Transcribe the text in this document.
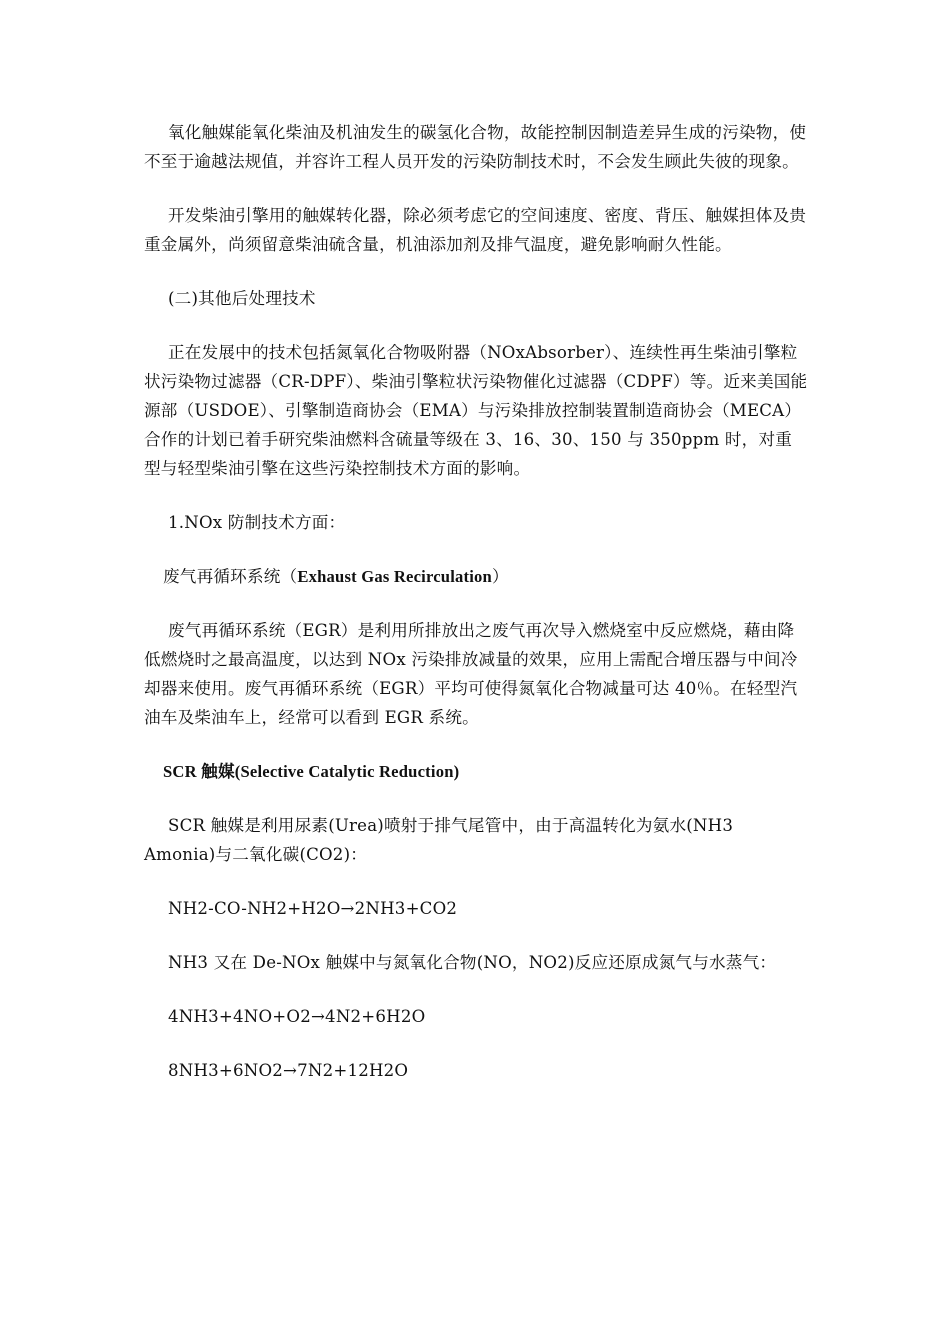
氧化触媒能氧化柴油及机油发生的碳氢化合物，故能控制因制造差异生成的污染物，使不至于逾越法规值，并容许工程人员开发的污染防制技术时，不会发生顾此失彼的现象。

开发柴油引擎用的触媒转化器，除必须考虑它的空间速度、密度、背压、触媒担体及贵重金属外，尚须留意柴油硫含量，机油添加剂及排气温度，避免影响耐久性能。

(二)其他后处理技术

正在发展中的技术包括氮氧化合物吸附器（NOxAbsorber）、连续性再生柴油引擎粒状污染物过滤器（CR-DPF）、柴油引擎粒状污染物催化过滤器（CDPF）等。近来美国能源部（USDOE）、引擎制造商协会（EMA）与污染排放控制装置制造商协会（MECA）合作的计划已着手研究柴油燃料含硫量等级在 3、16、30、150 与 350ppm 时，对重型与轻型柴油引擎在这些污染控制技术方面的影响。

1.NOx 防制技术方面：

废气再循环系统（Exhaust Gas Recirculation）

废气再循环系统（EGR）是利用所排放出之废气再次导入燃烧室中反应燃烧，藉由降低燃烧时之最高温度，以达到 NOx 污染排放减量的效果，应用上需配合增压器与中间冷却器来使用。废气再循环系统（EGR）平均可使得氮氧化合物减量可达 40％。在轻型汽油车及柴油车上，经常可以看到 EGR 系统。

SCR 触媒(Selective Catalytic Reduction)

SCR 触媒是利用尿素(Urea)喷射于排气尾管中，由于高温转化为氨水(NH3 Amonia)与二氧化碳(CO2)：

NH2-CO-NH2+H2O→2NH3+CO2

NH3 又在 De-NOx 触媒中与氮氧化合物(NO，NO2)反应还原成氮气与水蒸气：

4NH3+4NO+O2→4N2+6H2O

8NH3+6NO2→7N2+12H2O
